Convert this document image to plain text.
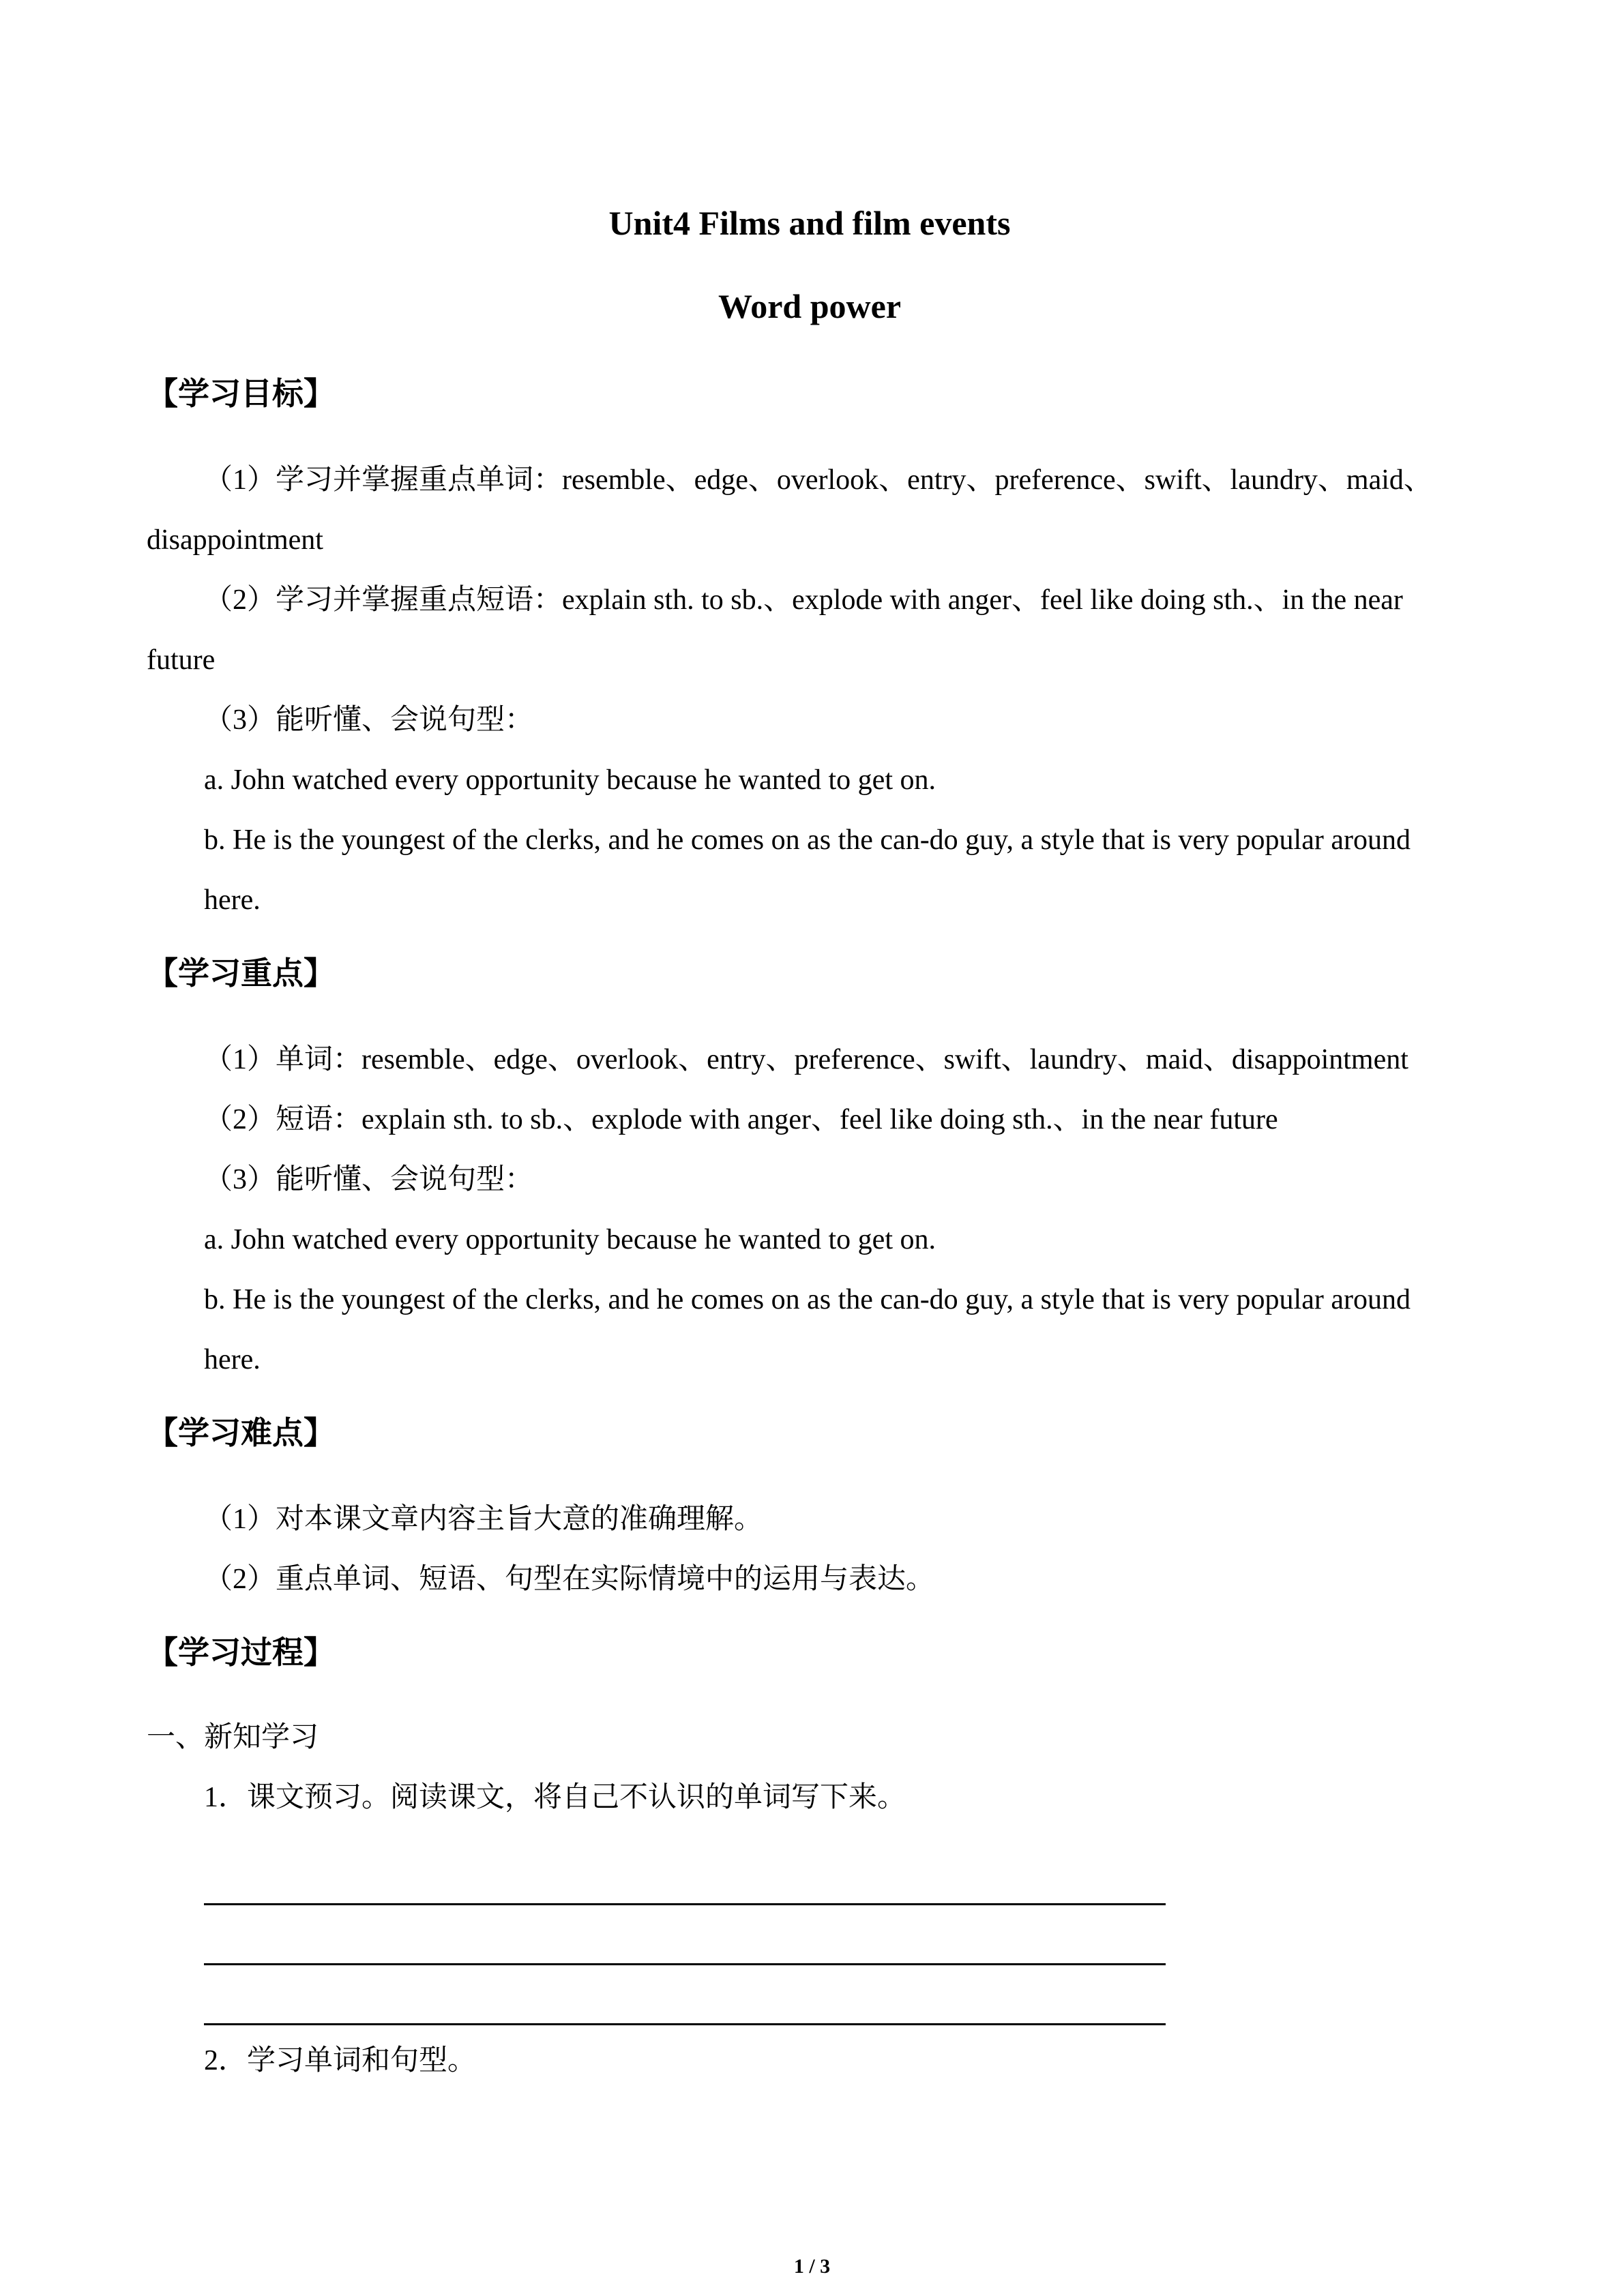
Unit4 Films and film events
Word power
【学习目标】

（1）学习并掌握重点单词：resemble、edge、overlook、entry、preference、swift、laundry、maid、disappointment

（2）学习并掌握重点短语：explain sth. to sb.、explode with anger、feel like doing sth.、in the near future

（3）能听懂、会说句型：

a. John watched every opportunity because he wanted to get on.

b. He is the youngest of the clerks, and he comes on as the can-do guy, a style that is very popular around here.

【学习重点】

（1）单词：resemble、edge、overlook、entry、preference、swift、laundry、maid、disappointment

（2）短语：explain sth. to sb.、explode with anger、feel like doing sth.、in the near future

（3）能听懂、会说句型：

a. John watched every opportunity because he wanted to get on.

b. He is the youngest of the clerks, and he comes on as the can-do guy, a style that is very popular around here.

【学习难点】

（1）对本课文章内容主旨大意的准确理解。

（2）重点单词、短语、句型在实际情境中的运用与表达。

【学习过程】

一、新知学习

1．课文预习。阅读课文，将自己不认识的单词写下来。

2．学习单词和句型。

1 / 3
